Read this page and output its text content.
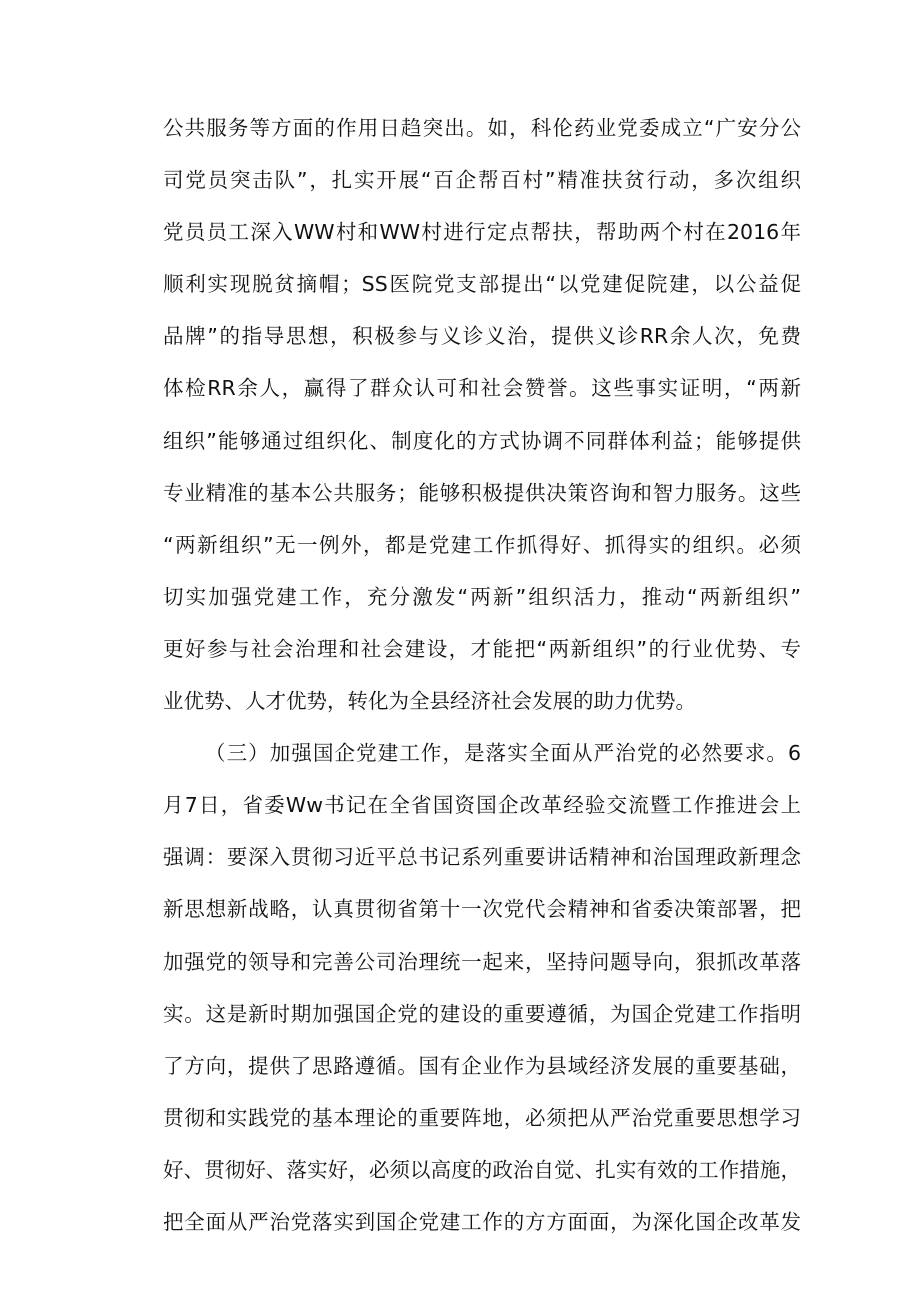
公共服务等方面的作用日趋突出。如，科伦药业党委成立“广安分公
司党员突击队”，扎实开展“百企帮百村”精准扶贫行动，多次组织
党员员工深入WW村和WW村进行定点帮扶，帮助两个村在2016年
顺利实现脱贫摘帽；SS医院党支部提出“以党建促院建，以公益促
品牌”的指导思想，积极参与义诊义治，提供义诊RR余人次，免费
体检RR余人，赢得了群众认可和社会赞誉。这些事实证明，“两新
组织”能够通过组织化、制度化的方式协调不同群体利益；能够提供
专业精准的基本公共服务；能够积极提供决策咨询和智力服务。这些
“两新组织”无一例外，都是党建工作抓得好、抓得实的组织。必须
切实加强党建工作，充分激发“两新”组织活力，推动“两新组织”
更好参与社会治理和社会建设，才能把“两新组织”的行业优势、专
业优势、人才优势，转化为全县经济社会发展的助力优势。
（三）加强国企党建工作，是落实全面从严治党的必然要求。6
月7日，省委Ww书记在全省国资国企改革经验交流暨工作推进会上
强调：要深入贯彻习近平总书记系列重要讲话精神和治国理政新理念
新思想新战略，认真贯彻省第十一次党代会精神和省委决策部署，把
加强党的领导和完善公司治理统一起来，坚持问题导向，狠抓改革落
实。这是新时期加强国企党的建设的重要遵循，为国企党建工作指明
了方向，提供了思路遵循。国有企业作为县域经济发展的重要基础，
贯彻和实践党的基本理论的重要阵地，必须把从严治党重要思想学习
好、贯彻好、落实好，必须以高度的政治自觉、扎实有效的工作措施，
把全面从严治党落实到国企党建工作的方方面面，为深化国企改革发
